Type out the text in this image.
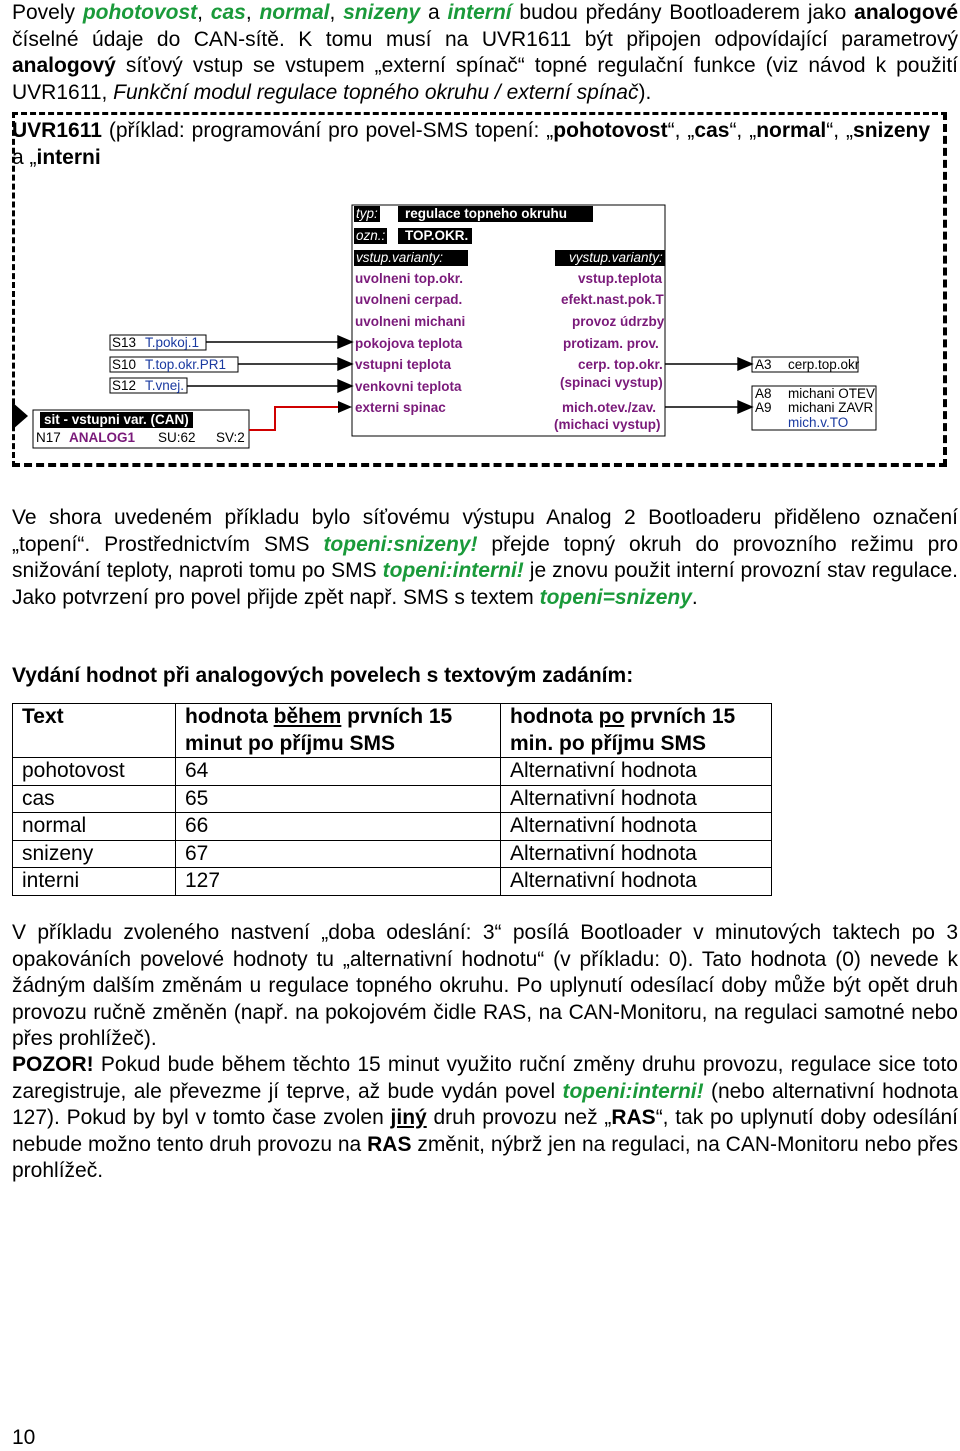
Povely pohotovost, cas, normal, snizeny a interní budou předány Bootloaderem jako analogové číselné údaje do CAN-sítě. K tomu musí na UVR1611 být připojen odpovídající parametrový analogový síťový vstup se vstupem „externí spínač“ topné regulační funkce (viz návod k použití UVR1611, Funkční modul regulace topného okruhu / externí spínač).
UVR1611 (příklad: programování pro povel-SMS topení: „pohotovost“, „cas“, „normal“, „snizeny a „interni
sit - vstupni var. (CAN)
N17 ANALOG1 SU:62 SV:2
S13 T.pokoj.1
S10 T.top.okr.PR1
S12 T.vnej.
typ:	regulace topneho okruhu
ozn.:	TOP.OKR.
vstup.varianty:	vystup.varianty:
uvolneni top.okr.
uvolneni cerpad.
uvolneni michani
pokojova teplota
vstupni teplota
venkovni teplota
externi spinac
vstup.teplota
efekt.nast.pok.T
provoz údrzby
protizam. prov.
cerp. top.okr.
(spinaci vystup)
mich.otev./zav.
(michaci vystup)
A3 cerp.top.okr
A8 michani OTEV
A9 michani ZAVR
mich.v.TO
Ve shora uvedeném příkladu bylo síťovému výstupu Analog 2 Bootloaderu přiděleno označení „topení“. Prostřednictvím SMS topeni:snizeny! přejde topný okruh do provozního režimu pro snižování teploty, naproti tomu po SMS topeni:interni! je znovu použit interní provozní stav regulace. Jako potvrzení pro povel přijde zpět např. SMS s textem topeni=snizeny.
Vydání hodnot při analogových povelech s textovým zadáním:
Text	hodnota během prvních 15 minut po příjmu SMS	hodnota po prvních 15 min. po příjmu SMS
pohotovost	64	Alternativní hodnota
cas	65	Alternativní hodnota
normal	66	Alternativní hodnota
snizeny	67	Alternativní hodnota
interni	127	Alternativní hodnota
V příkladu zvoleného nastvení „doba odeslání: 3“ posílá Bootloader v minutových taktech po 3 opakováních povelové hodnoty tu „alternativní hodnotu“ (v příkladu: 0). Tato hodnota (0) nevede k žádným dalším změnám u regulace topného okruhu. Po uplynutí odesílací doby může být opět druh provozu ručně změněn (např. na pokojovém čidle RAS, na CAN-Monitoru, na regulaci samotné nebo přes prohlížeč).
POZOR! Pokud bude během těchto 15 minut využito ruční změny druhu provozu, regulace sice toto zaregistruje, ale převezme jí teprve, až bude vydán povel topeni:interni! (nebo alternativní hodnota 127). Pokud by byl v tomto čase zvolen jiný druh provozu než „RAS“, tak po uplynutí doby odesílání nebude možno tento druh provozu na RAS změnit, nýbrž jen na regulaci, na CAN-Monitoru nebo přes prohlížeč.
10
